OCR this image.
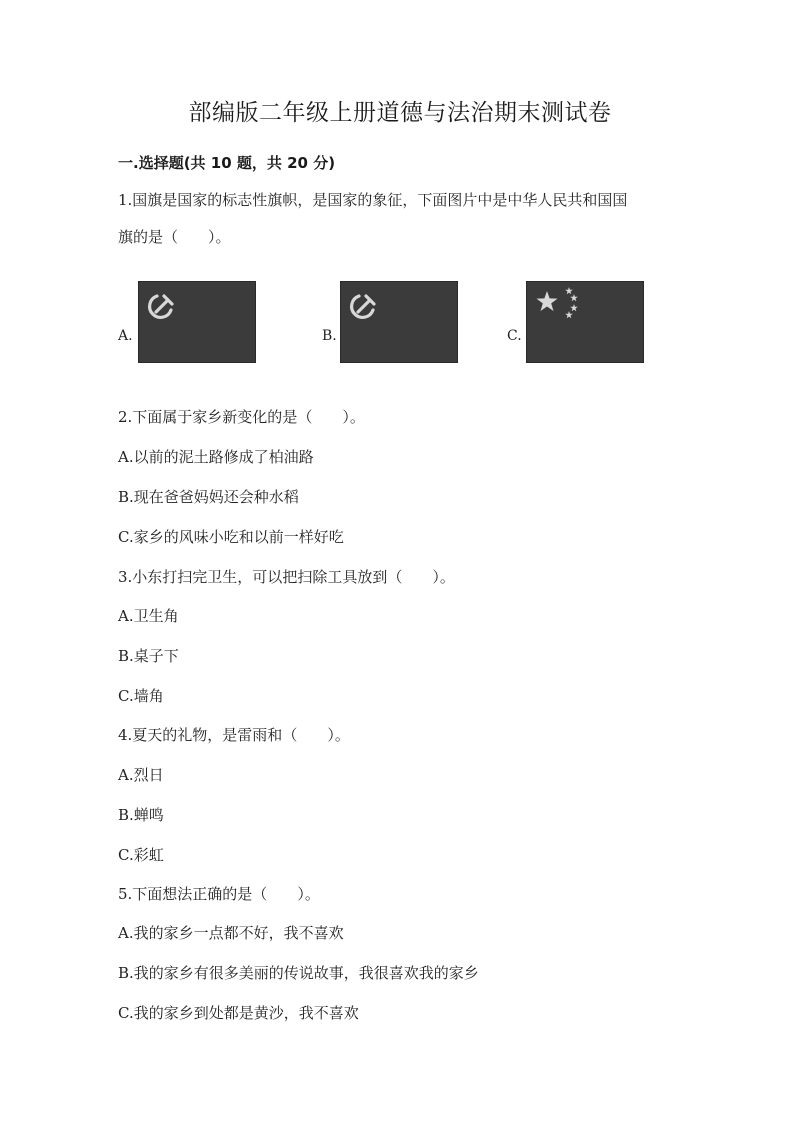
部编版二年级上册道德与法治期末测试卷
一.选择题(共 10 题，共 20 分)
1.国旗是国家的标志性旗帜，是国家的象征，下面图片中是中华人民共和国国
旗的是（　　）。
A.	B.	C.
2.下面属于家乡新变化的是（　　）。
A.以前的泥土路修成了柏油路
B.现在爸爸妈妈还会种水稻
C.家乡的风味小吃和以前一样好吃
3.小东打扫完卫生，可以把扫除工具放到（　　）。
A.卫生角
B.桌子下
C.墙角
4.夏天的礼物，是雷雨和（　　）。
A.烈日
B.蝉鸣
C.彩虹
5.下面想法正确的是（　　）。
A.我的家乡一点都不好，我不喜欢
B.我的家乡有很多美丽的传说故事，我很喜欢我的家乡
C.我的家乡到处都是黄沙，我不喜欢
